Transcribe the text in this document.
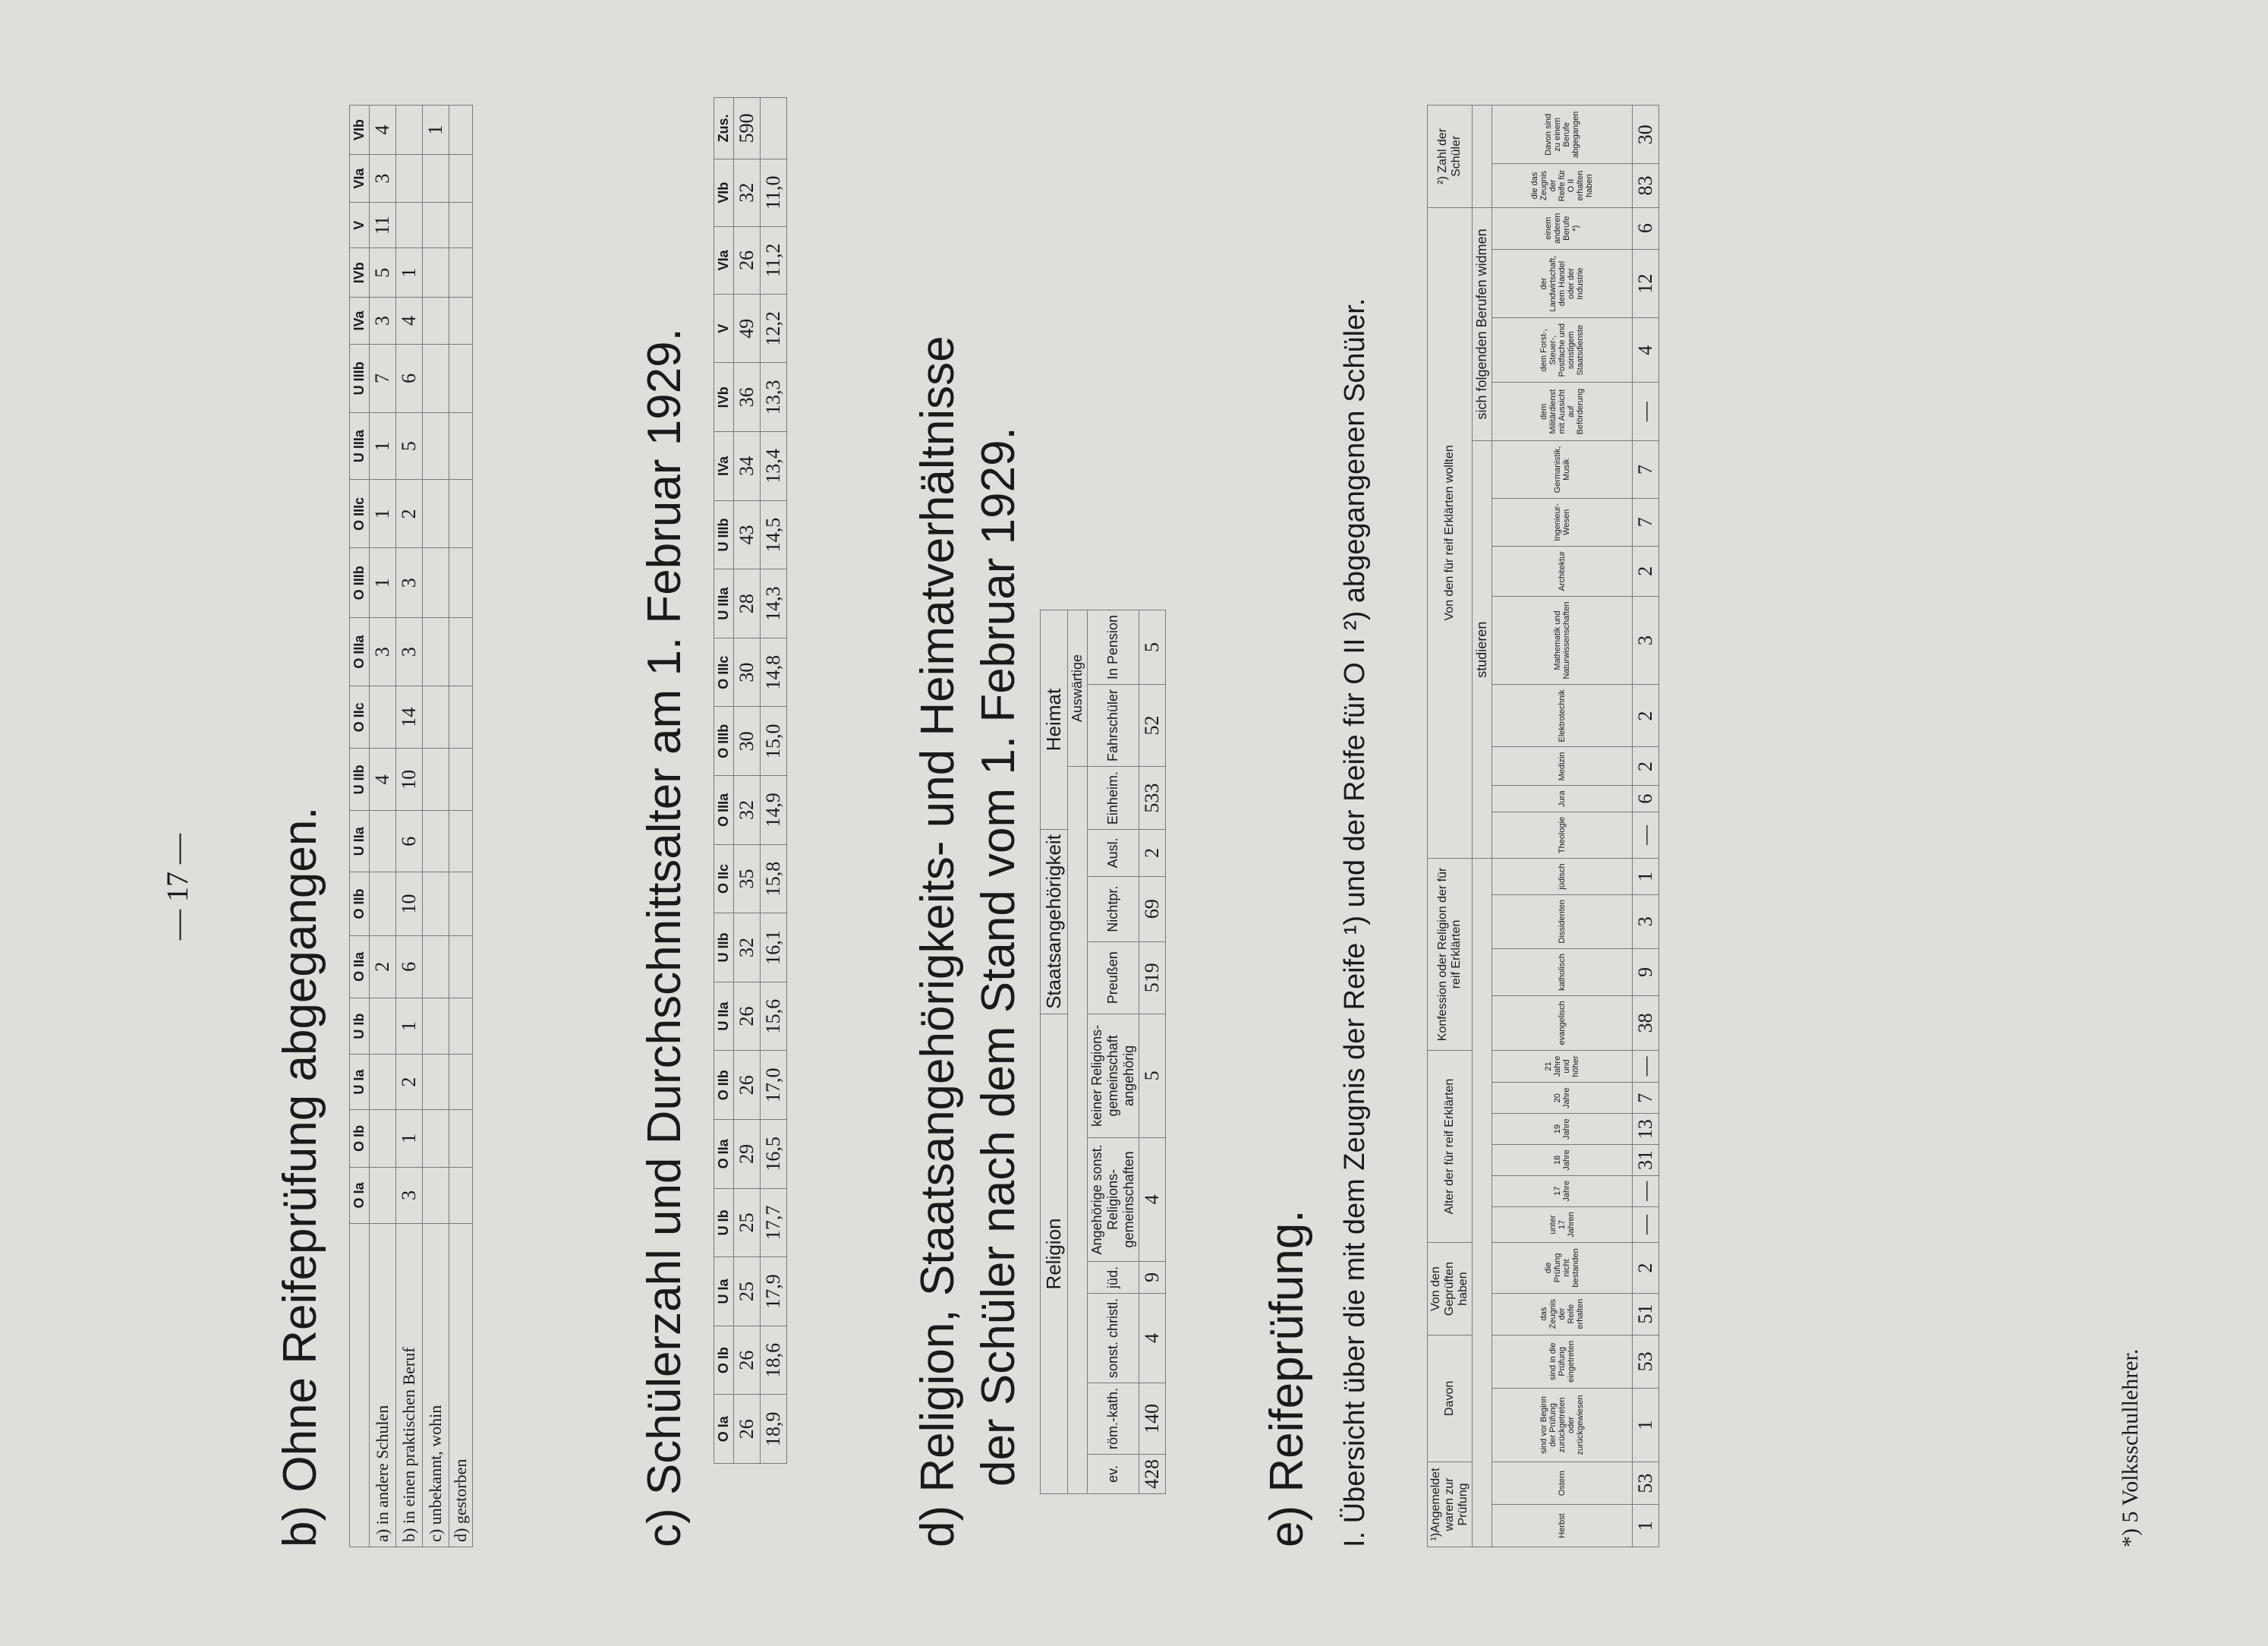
— 17 — b) Ohne Reifeprüfung abgegangen.
	O Ia	O Ib	U Ia	U Ib	O IIa	O IIb	U IIa	U IIb	O IIc	O IIIa	O IIIb	O IIIc	U IIIa	U IIIb	IVa	IVb	V	VIa	VIb
a) in andere Schulen					2			4		3	1	1	1	7	3	5	11	3	4
b) in einen praktischen Beruf	3	1	2	1	6	10	6	10	14	3	3	2	5	6	4	1			
c) unbekannt, wohin																			1
d) gestorben																				c) Schülerzahl und Durchschnittsalter am 1. Februar 1929. O Ia	O Ib	U Ia	U Ib	O IIa	O IIb	U IIa	U IIb	O IIc	O IIIa	O IIIb	O IIIc	U IIIa	U IIIb	IVa	IVb	V	VIa	VIb	Zus.
26	26	25	25	29	26	26	32	35	32	30	30	28	43	34	36	49	26	32	590
18,9	18,6	17,9	17,7	16,5	17,0	15,6	16,1	15,8	14,9	15,0	14,8	14,3	14,5	13,4	13,3	12,2	11,2	11,0	
d) Religion, Staatsangehörigkeits- und Heimatverhältnisse der Schüler nach dem Stand vom 1. Februar 1929. Religion						Staatsangehörigkeit			Heimat		
										Auswärtige	
ev.	röm.-kath.	sonst. christl.	jüd.	Angehörige sonst. Religions-gemeinschaften	keiner Religions-gemeinschaft angehörig	Preußen	Nichtpr.	Ausl.	Einheim.	Fahrschüler	In Pension
428	140	4	9	4	5	519	69	2	533	52	5
e) Reifeprüfung. I. Übersicht über die mit dem Zeugnis der Reife ¹) und der Reife für O II ²) abgegangenen Schüler.	¹)Angemeldet waren zur Prüfung		Davon		Von den Geprüften haben		Alter der für reif Erklärten						Konfession oder Religion der für reif Erklärten				Von den für reif Erklärten wollten												²) Zahl der Schüler	
																studieren								sich folgenden Berufen widmen					
Herbst	Ostern	sind vor Beginn der Prüfung zurückgetreten oder zurückgewiesen	sind in die Prüfung eingetreten	das Zeugnis der Reife erhalten	die Prüfung nicht bestanden	unter 17 Jahren	17 Jahre	18 Jahre	19 Jahre	20 Jahre	21 Jahre und höher	evangelisch	katholisch	Dissidenten	jüdisch	Theologie	Jura	Medizin	Elektrotechnik	Mathematik und Naturwissenschaften	Architektur	Ingenieur-Wesen	Germanistik, Musik	dem Militärdienst mit Aussicht auf Beförderung	dem Forst-, Steuer-, Postfache und sonstigem Staatsdienste	der Landwirtschaft, dem Handel oder der Industrie	einem anderen Berufe *)	die das Zeugnis der Reife für O II erhalten haben	Davon sind zu einem Berufe abgegangen
1	53	1	53	51	2	—	—	31	13	7	—	38	9	3	1	—	6	2	2	3	2	7	7	—	4	12	6	83	30
*) 5 Volksschullehrer.
